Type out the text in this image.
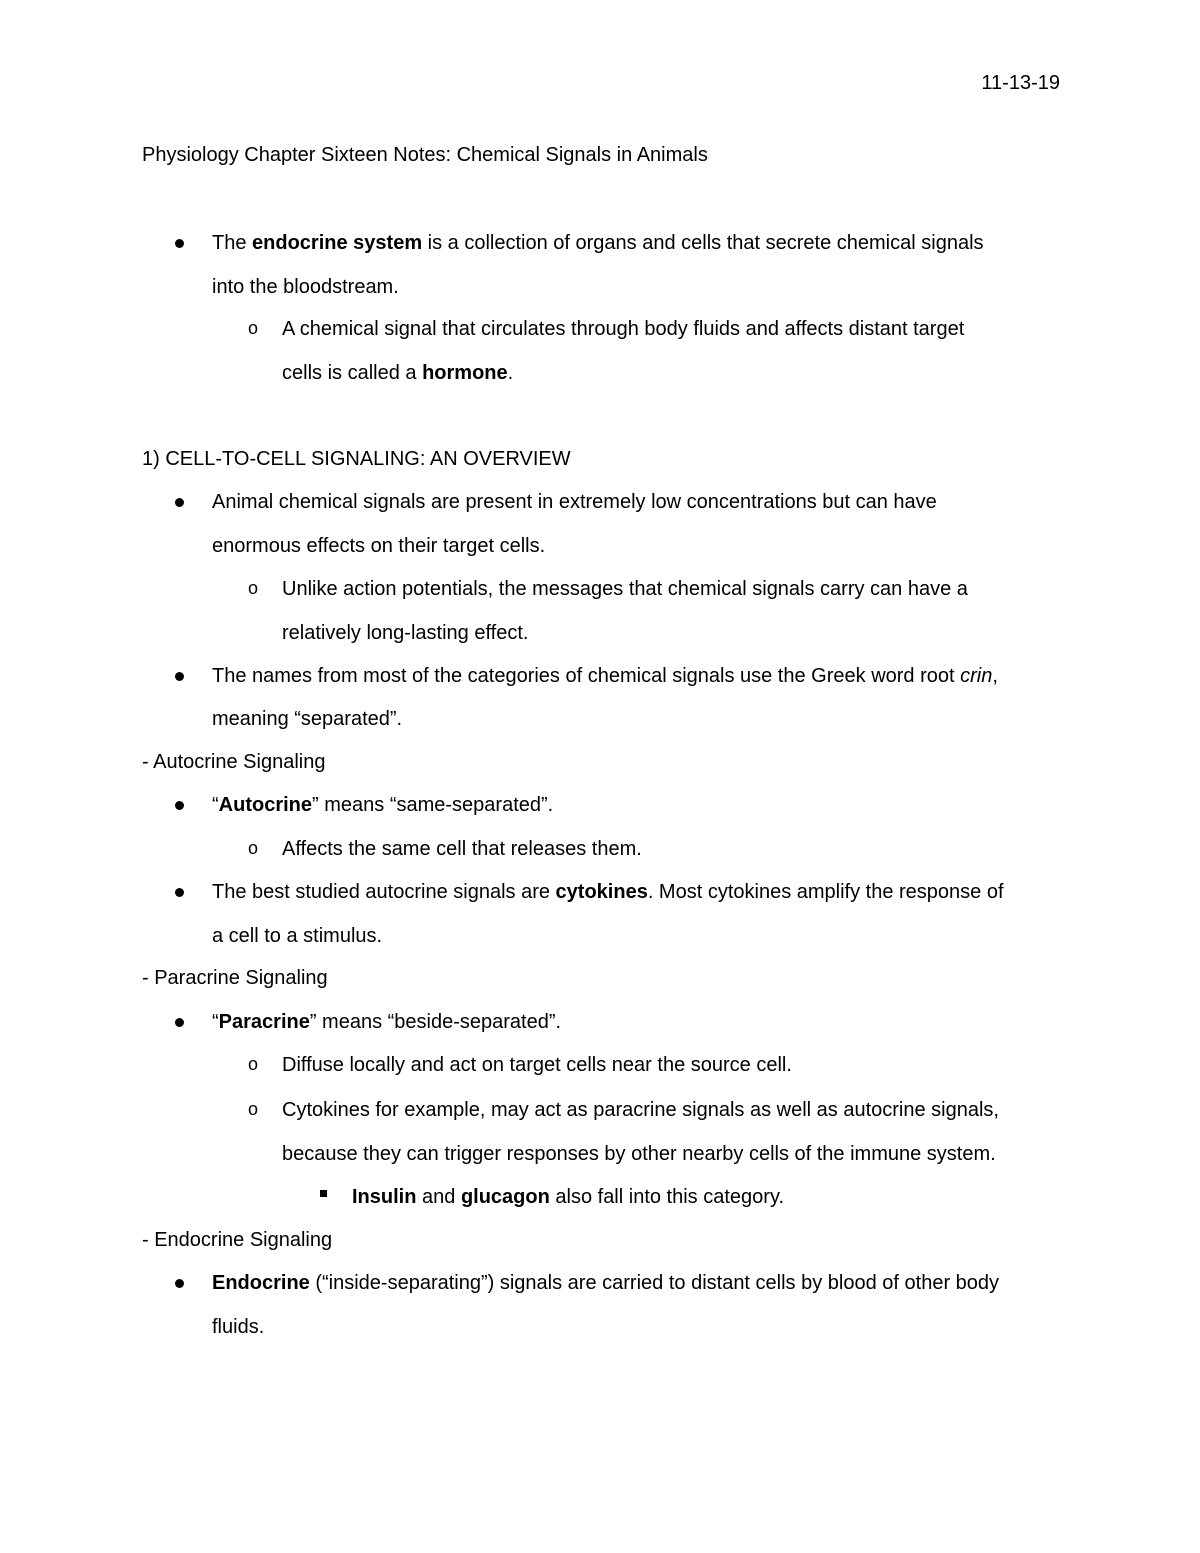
11-13-19
Physiology Chapter Sixteen Notes: Chemical Signals in Animals
The endocrine system is a collection of organs and cells that secrete chemical signals
into the bloodstream.
o A chemical signal that circulates through body fluids and affects distant target
cells is called a hormone.
1) CELL-TO-CELL SIGNALING: AN OVERVIEW
Animal chemical signals are present in extremely low concentrations but can have
enormous effects on their target cells.
o Unlike action potentials, the messages that chemical signals carry can have a
relatively long-lasting effect.
The names from most of the categories of chemical signals use the Greek word root crin,
meaning “separated”.
- Autocrine Signaling
“Autocrine” means “same-separated”.
o Affects the same cell that releases them.
The best studied autocrine signals are cytokines. Most cytokines amplify the response of
a cell to a stimulus.
- Paracrine Signaling
“Paracrine” means “beside-separated”.
o Diffuse locally and act on target cells near the source cell.
o Cytokines for example, may act as paracrine signals as well as autocrine signals,
because they can trigger responses by other nearby cells of the immune system.
Insulin and glucagon also fall into this category.
- Endocrine Signaling
Endocrine (“inside-separating”) signals are carried to distant cells by blood of other body
fluids.
